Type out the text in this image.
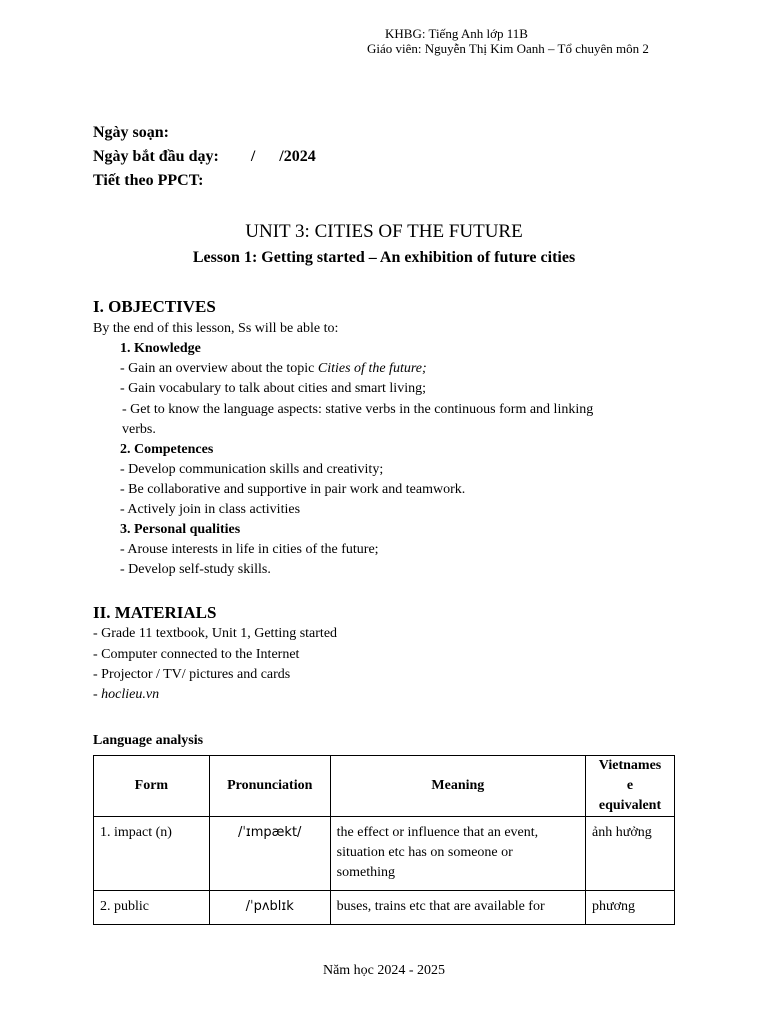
KHBG: Tiếng Anh lớp 11B
Giáo viên: Nguyễn Thị Kim Oanh – Tổ chuyên môn 2
Ngày soạn:
Ngày bắt đầu dạy: /      /2024
Tiết theo PPCT:
UNIT 3: CITIES OF THE FUTURE
Lesson 1: Getting started – An exhibition of future cities
I. OBJECTIVES
By the end of this lesson, Ss will be able to:
1. Knowledge
- Gain an overview about the topic Cities of the future;
- Gain vocabulary to talk about cities and smart living;
- Get to know the language aspects: stative verbs in the continuous form and linking
verbs.
2. Competences
- Develop communication skills and creativity;
- Be collaborative and supportive in pair work and teamwork.
- Actively join in class activities
3. Personal qualities
- Arouse interests in life in cities of the future;
- Develop self-study skills.
II. MATERIALS
- Grade 11 textbook, Unit 1, Getting started
- Computer connected to the Internet
- Projector / TV/ pictures and cards
- hoclieu.vn
Language analysis
Form	Pronunciation	Meaning	Vietnames
e
equivalent

1. impact (n)	/ˈɪmpækt/	the effect or influence that an event,
situation etc has on someone or
something	ảnh hưởng
2. public	/ˈpʌblɪk	buses, trains etc that are available for	phương
Năm học 2024 - 2025
